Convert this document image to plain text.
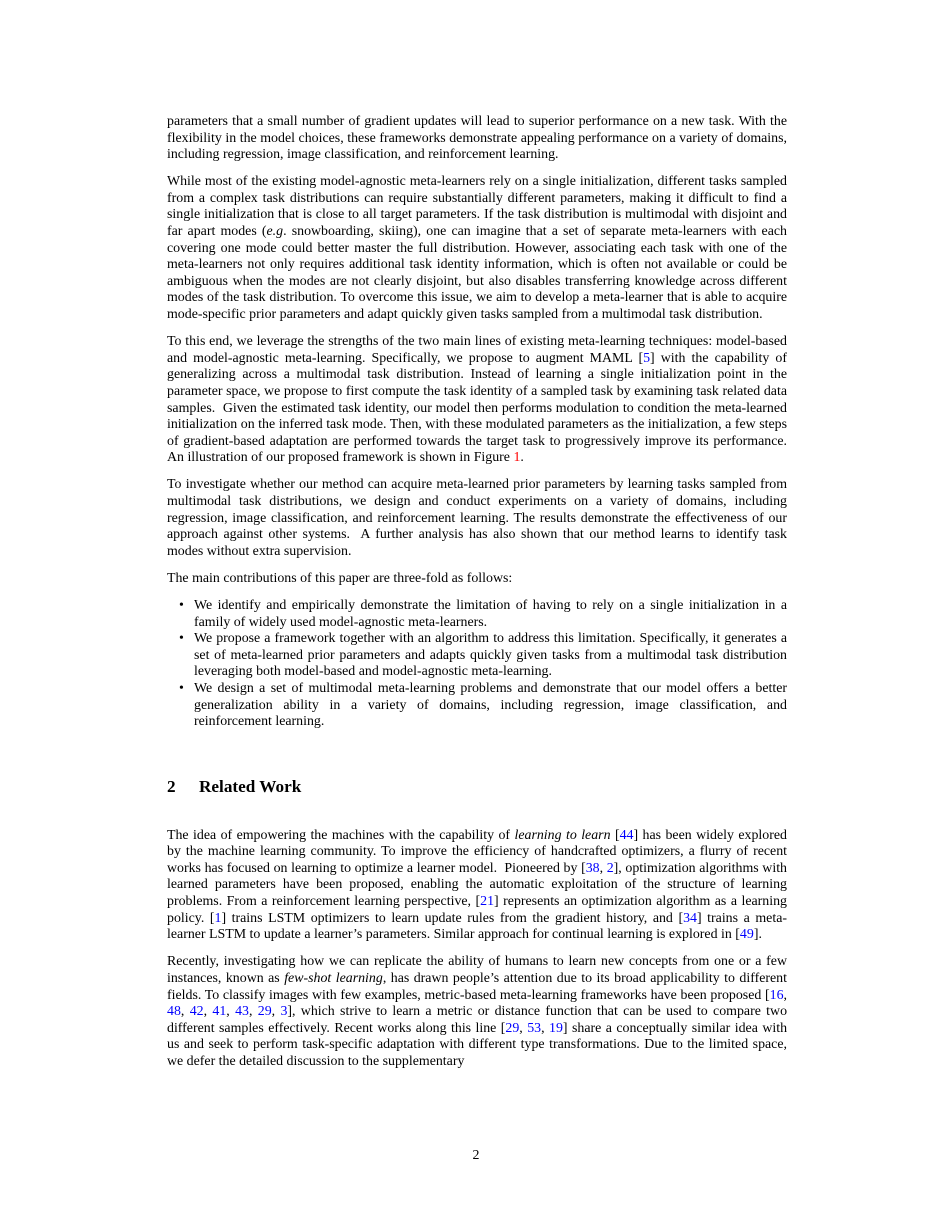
parameters that a small number of gradient updates will lead to superior performance on a new task. With the flexibility in the model choices, these frameworks demonstrate appealing performance on a variety of domains, including regression, image classification, and reinforcement learning.

While most of the existing model-agnostic meta-learners rely on a single initialization, different tasks sampled from a complex task distributions can require substantially different parameters, making it difficult to find a single initialization that is close to all target parameters. If the task distribution is multimodal with disjoint and far apart modes (e.g. snowboarding, skiing), one can imagine that a set of separate meta-learners with each covering one mode could better master the full distribution. However, associating each task with one of the meta-learners not only requires additional task identity information, which is often not available or could be ambiguous when the modes are not clearly disjoint, but also disables transferring knowledge across different modes of the task distribution. To overcome this issue, we aim to develop a meta-learner that is able to acquire mode-specific prior parameters and adapt quickly given tasks sampled from a multimodal task distribution.

To this end, we leverage the strengths of the two main lines of existing meta-learning techniques: model-based and model-agnostic meta-learning. Specifically, we propose to augment MAML [5] with the capability of generalizing across a multimodal task distribution. Instead of learning a single initialization point in the parameter space, we propose to first compute the task identity of a sampled task by examining task related data samples.  Given the estimated task identity, our model then performs modulation to condition the meta-learned initialization on the inferred task mode. Then, with these modulated parameters as the initialization, a few steps of gradient-based adaptation are performed towards the target task to progressively improve its performance. An illustration of our proposed framework is shown in Figure 1.

To investigate whether our method can acquire meta-learned prior parameters by learning tasks sampled from multimodal task distributions, we design and conduct experiments on a variety of domains, including regression, image classification, and reinforcement learning. The results demonstrate the effectiveness of our approach against other systems.  A further analysis has also shown that our method learns to identify task modes without extra supervision.

The main contributions of this paper are three-fold as follows:

• We identify and empirically demonstrate the limitation of having to rely on a single initialization in a family of widely used model-agnostic meta-learners.
• We propose a framework together with an algorithm to address this limitation. Specifically, it generates a set of meta-learned prior parameters and adapts quickly given tasks from a multimodal task distribution leveraging both model-based and model-agnostic meta-learning.
• We design a set of multimodal meta-learning problems and demonstrate that our model offers a better generalization ability in a variety of domains, including regression, image classification, and reinforcement learning.
2 Related Work

The idea of empowering the machines with the capability of learning to learn [44] has been widely explored by the machine learning community. To improve the efficiency of handcrafted optimizers, a flurry of recent works has focused on learning to optimize a learner model.  Pioneered by [38, 2], optimization algorithms with learned parameters have been proposed, enabling the automatic exploitation of the structure of learning problems. From a reinforcement learning perspective, [21] represents an optimization algorithm as a learning policy. [1] trains LSTM optimizers to learn update rules from the gradient history, and [34] trains a meta-learner LSTM to update a learner’s parameters. Similar approach for continual learning is explored in [49].

Recently, investigating how we can replicate the ability of humans to learn new concepts from one or a few instances, known as few-shot learning, has drawn people’s attention due to its broad applicability to different fields. To classify images with few examples, metric-based meta-learning frameworks have been proposed [16, 48, 42, 41, 43, 29, 3], which strive to learn a metric or distance function that can be used to compare two different samples effectively. Recent works along this line [29, 53, 19] share a conceptually similar idea with us and seek to perform task-specific adaptation with different type transformations. Due to the limited space, we defer the detailed discussion to the supplementary

2
